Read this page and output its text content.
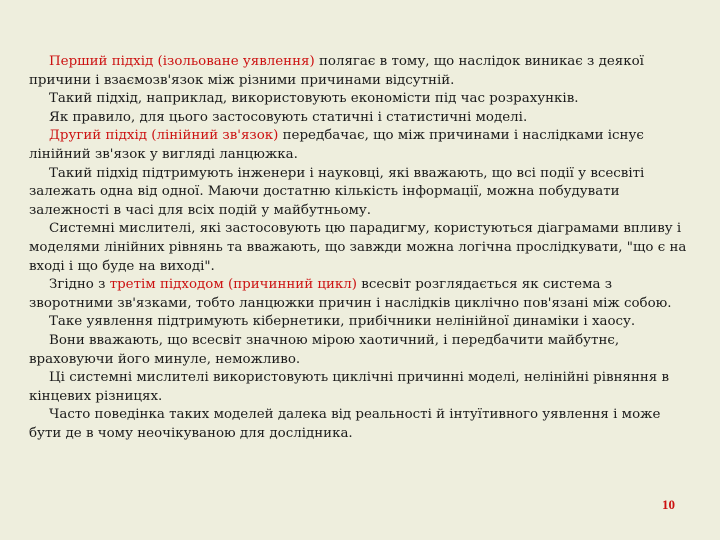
Перший підхід (ізольоване уявлення) полягає в тому, що наслідок виникає з деякої причини і взаємозв'язок між різними причинами відсутній.

Такий підхід, наприклад, використовують економісти під час розрахунків.

Як правило, для цього застосовують статичні і статистичні моделі.

Другий підхід (лінійний зв'язок) передбачає, що між причинами і наслідками існує лінійний зв'язок у вигляді ланцюжка.

Такий підхід підтримують інженери і науковці, які вважають, що всі події у всесвіті залежать одна від одної. Маючи достатню кількість інформації, можна побудувати залежності в часі для всіх подій у майбутньому.

Системні мислителі, які застосовують цю парадигму, користуються діаграмами впливу і моделями лінійних рівнянь та вважають, що завжди можна логічна прослідкувати, "що є на вході і що буде на виході".

Згідно з третім підходом (причинний цикл) всесвіт розглядається як система з зворотними зв'язками, тобто ланцюжки причин і наслідків циклічно пов'язані між собою.

Таке уявлення підтримують кібернетики, прибічники нелінійної динаміки і хаосу.

Вони вважають, що всесвіт значною мірою хаотичний, і передбачити майбутнє, враховуючи його минуле, неможливо.

Ці системні мислителі використовують циклічні причинні моделі, нелінійні рівняння в кінцевих різницях.

Часто поведінка таких моделей далека від реальності й інтуїтивного уявлення і може бути де в чому неочікуваною для дослідника.

10
